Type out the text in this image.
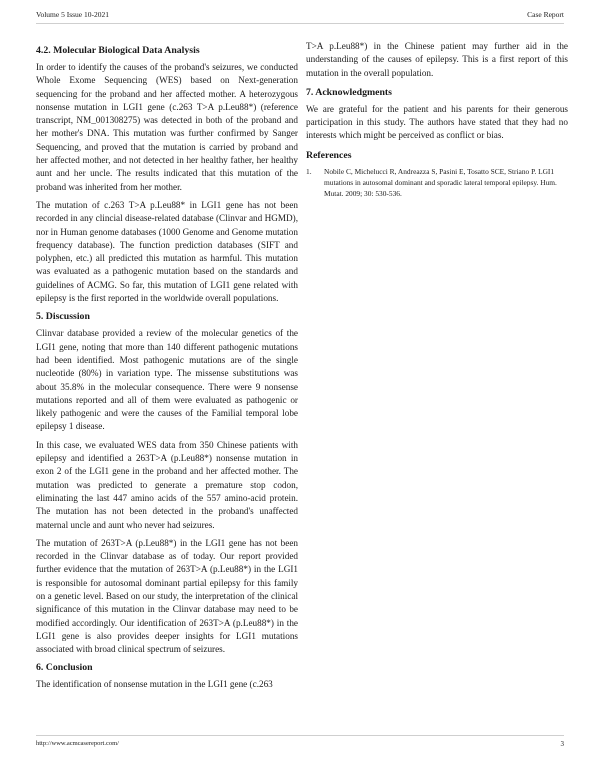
Volume 5 Issue 10-2021	Case Report
4.2. Molecular Biological Data Analysis

In order to identify the causes of the proband's seizures, we conducted Whole Exome Sequencing (WES) based on Next-generation sequencing for the proband and her affected mother. A heterozygous nonsense mutation in LGI1 gene (c.263 T>A p.Leu88*) (reference transcript, NM_001308275) was detected in both of the proband and her mother's DNA. This mutation was further confirmed by Sanger Sequencing, and proved that the mutation is carried by proband and her affected mother, and not detected in her healthy father, her healthy aunt and her uncle. The results indicated that this mutation of the proband was inherited from her mother.

The mutation of c.263 T>A p.Leu88* in LGI1 gene has not been recorded in any clincial disease-related database (Clinvar and HGMD), nor in Human genome databases (1000 Genome and Genome mutation frequency database). The function prediction databases (SIFT and polyphen, etc.) all predicted this mutation as harmful. This mutation was evaluated as a pathogenic mutation based on the standards and guidelines of ACMG. So far, this mutation of LGI1 gene related with epilepsy is the first reported in the worldwide overall populations.

5. Discussion

Clinvar database provided a review of the molecular genetics of the LGI1 gene, noting that more than 140 different pathogenic mutations had been identified. Most pathogenic mutations are of the single nucleotide (80%) in variation type. The missense substitutions was about 35.8% in the molecular consequence. There were 9 nonsense mutations reported and all of them were evaluated as pathogenic or likely pathogenic and were the causes of the Familial temporal lobe epilepsy 1 disease.

In this case, we evaluated WES data from 350 Chinese patients with epilepsy and identified a 263T>A (p.Leu88*) nonsense mutation in exon 2 of the LGI1 gene in the proband and her affected mother. The mutation was predicted to generate a premature stop codon, eliminating the last 447 amino acids of the 557 amino-acid protein. The mutation has not been detected in the proband's unaffected maternal uncle and aunt who never had seizures.

The mutation of 263T>A (p.Leu88*) in the LGI1 gene has not been recorded in the Clinvar database as of today. Our report provided further evidence that the mutation of 263T>A (p.Leu88*) in the LGI1 is responsible for autosomal dominant partial epilepsy for this family on a genetic level. Based on our study, the interpretation of the clinical significance of this mutation in the Clinvar database may need to be modified accordingly. Our identification of 263T>A (p.Leu88*) in the LGI1 gene is also provides deeper insights for LGI1 mutations associated with broad clinical spectrum of seizures.

6. Conclusion

The identification of nonsense mutation in the LGI1 gene (c.263

T>A p.Leu88*) in the Chinese patient may further aid in the understanding of the causes of epilepsy. This is a first report of this mutation in the overall population.

7. Acknowledgments

We are grateful for the patient and his parents for their generous participation in this study. The authors have stated that they had no interests which might be perceived as conflict or bias.

References
1.	Nobile C, Michelucci R, Andreazza S, Pasini E, Tosatto SCE, Striano P. LGI1 mutations in autosomal dominant and sporadic lateral temporal epilepsy. Hum. Mutat. 2009; 30: 530-536.
http://www.acmcasereport.com/	3
